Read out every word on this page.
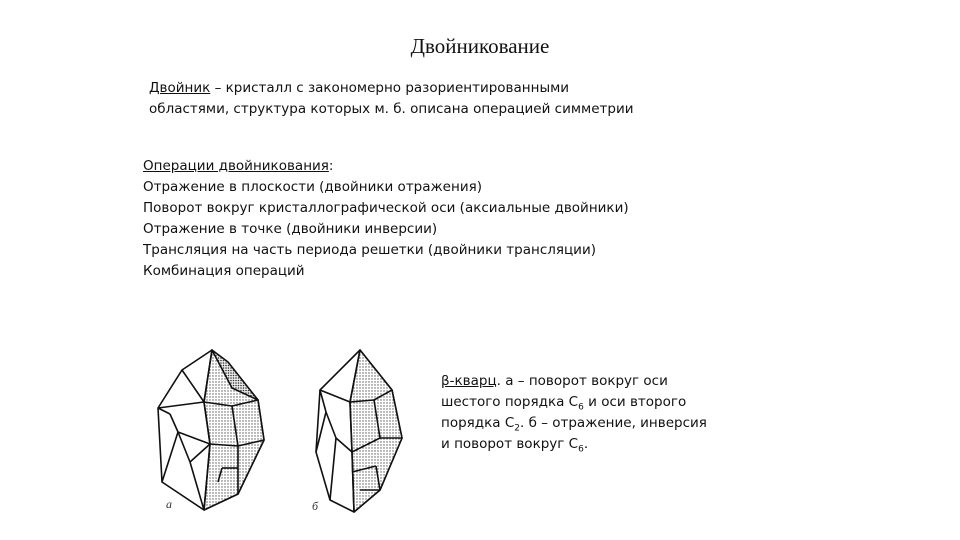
Двойникование
Двойник – кристалл с закономерно разориентированными
областями, структура которых м. б. описана операцией симметрии
Операции двойникования:
Отражение в плоскости (двойники отражения)
Поворот вокруг кристаллографической оси (аксиальные двойники)
Отражение в точке (двойники инверсии)
Трансляция на часть периода решетки (двойники трансляции)
Комбинация операций
а	б
β-кварц. а – поворот вокруг оси
шестого порядка $С_6$ и оси второго
порядка $С_2$. б – отражение, инверсия
и поворот вокруг $С_6$.
